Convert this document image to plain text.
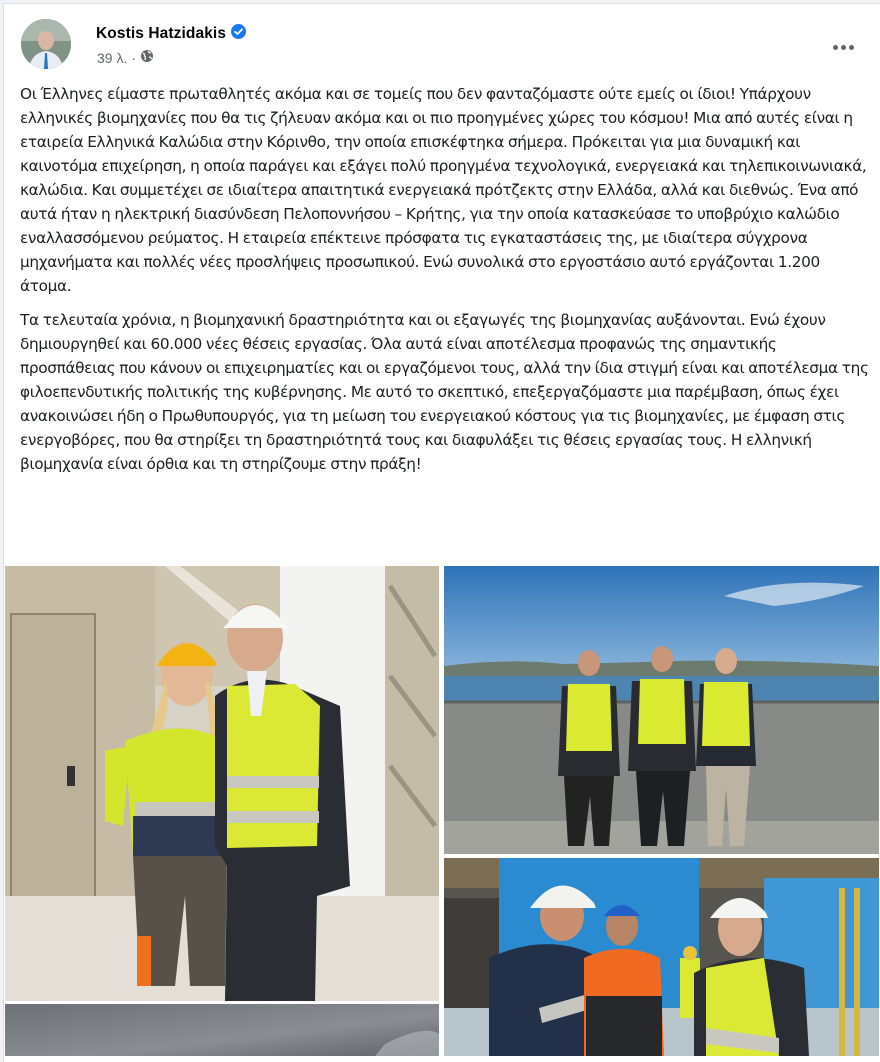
Kostis Hatzidakis
39 λ. ·

Οι Έλληνες είμαστε πρωταθλητές ακόμα και σε τομείς που δεν φανταζόμαστε ούτε εμείς οι ίδιοι! Υπάρχουν ελληνικές βιομηχανίες που θα τις ζήλευαν ακόμα και οι πιο προηγμένες χώρες του κόσμου! Μια από αυτές είναι η εταιρεία Ελληνικά Καλώδια στην Κόρινθο, την οποία επισκέφτηκα σήμερα. Πρόκειται για μια δυναμική και καινοτόμα επιχείρηση, η οποία παράγει και εξάγει πολύ προηγμένα τεχνολογικά, ενεργειακά και τηλεπικοινωνιακά, καλώδια. Και συμμετέχει σε ιδιαίτερα απαιτητικά ενεργειακά πρότζεκτς στην Ελλάδα, αλλά και διεθνώς. Ένα από αυτά ήταν η ηλεκτρική διασύνδεση Πελοποννήσου – Κρήτης, για την οποία κατασκεύασε το υποβρύχιο καλώδιο εναλλασσόμενου ρεύματος. Η εταιρεία επέκτεινε πρόσφατα τις εγκαταστάσεις της, με ιδιαίτερα σύγχρονα μηχανήματα και πολλές νέες προσλήψεις προσωπικού. Ενώ συνολικά στο εργοστάσιο αυτό εργάζονται 1.200 άτομα.

Τα τελευταία χρόνια, η βιομηχανική δραστηριότητα και οι εξαγωγές της βιομηχανίας αυξάνονται. Ενώ έχουν δημιουργηθεί και 60.000 νέες θέσεις εργασίας. Όλα αυτά είναι αποτέλεσμα προφανώς της σημαντικής προσπάθειας που κάνουν οι επιχειρηματίες και οι εργαζόμενοι τους, αλλά την ίδια στιγμή είναι και αποτέλεσμα της φιλοεπενδυτικής πολιτικής της κυβέρνησης. Με αυτό το σκεπτικό, επεξεργαζόμαστε μια παρέμβαση, όπως έχει ανακοινώσει ήδη ο Πρωθυπουργός, για τη μείωση του ενεργειακού κόστους για τις βιομηχανίες, με έμφαση στις ενεργοβόρες, που θα στηρίξει τη δραστηριότητά τους και διαφυλάξει τις θέσεις εργασίας τους. Η ελληνική βιομηχανία είναι όρθια και τη στηρίζουμε στην πράξη!
